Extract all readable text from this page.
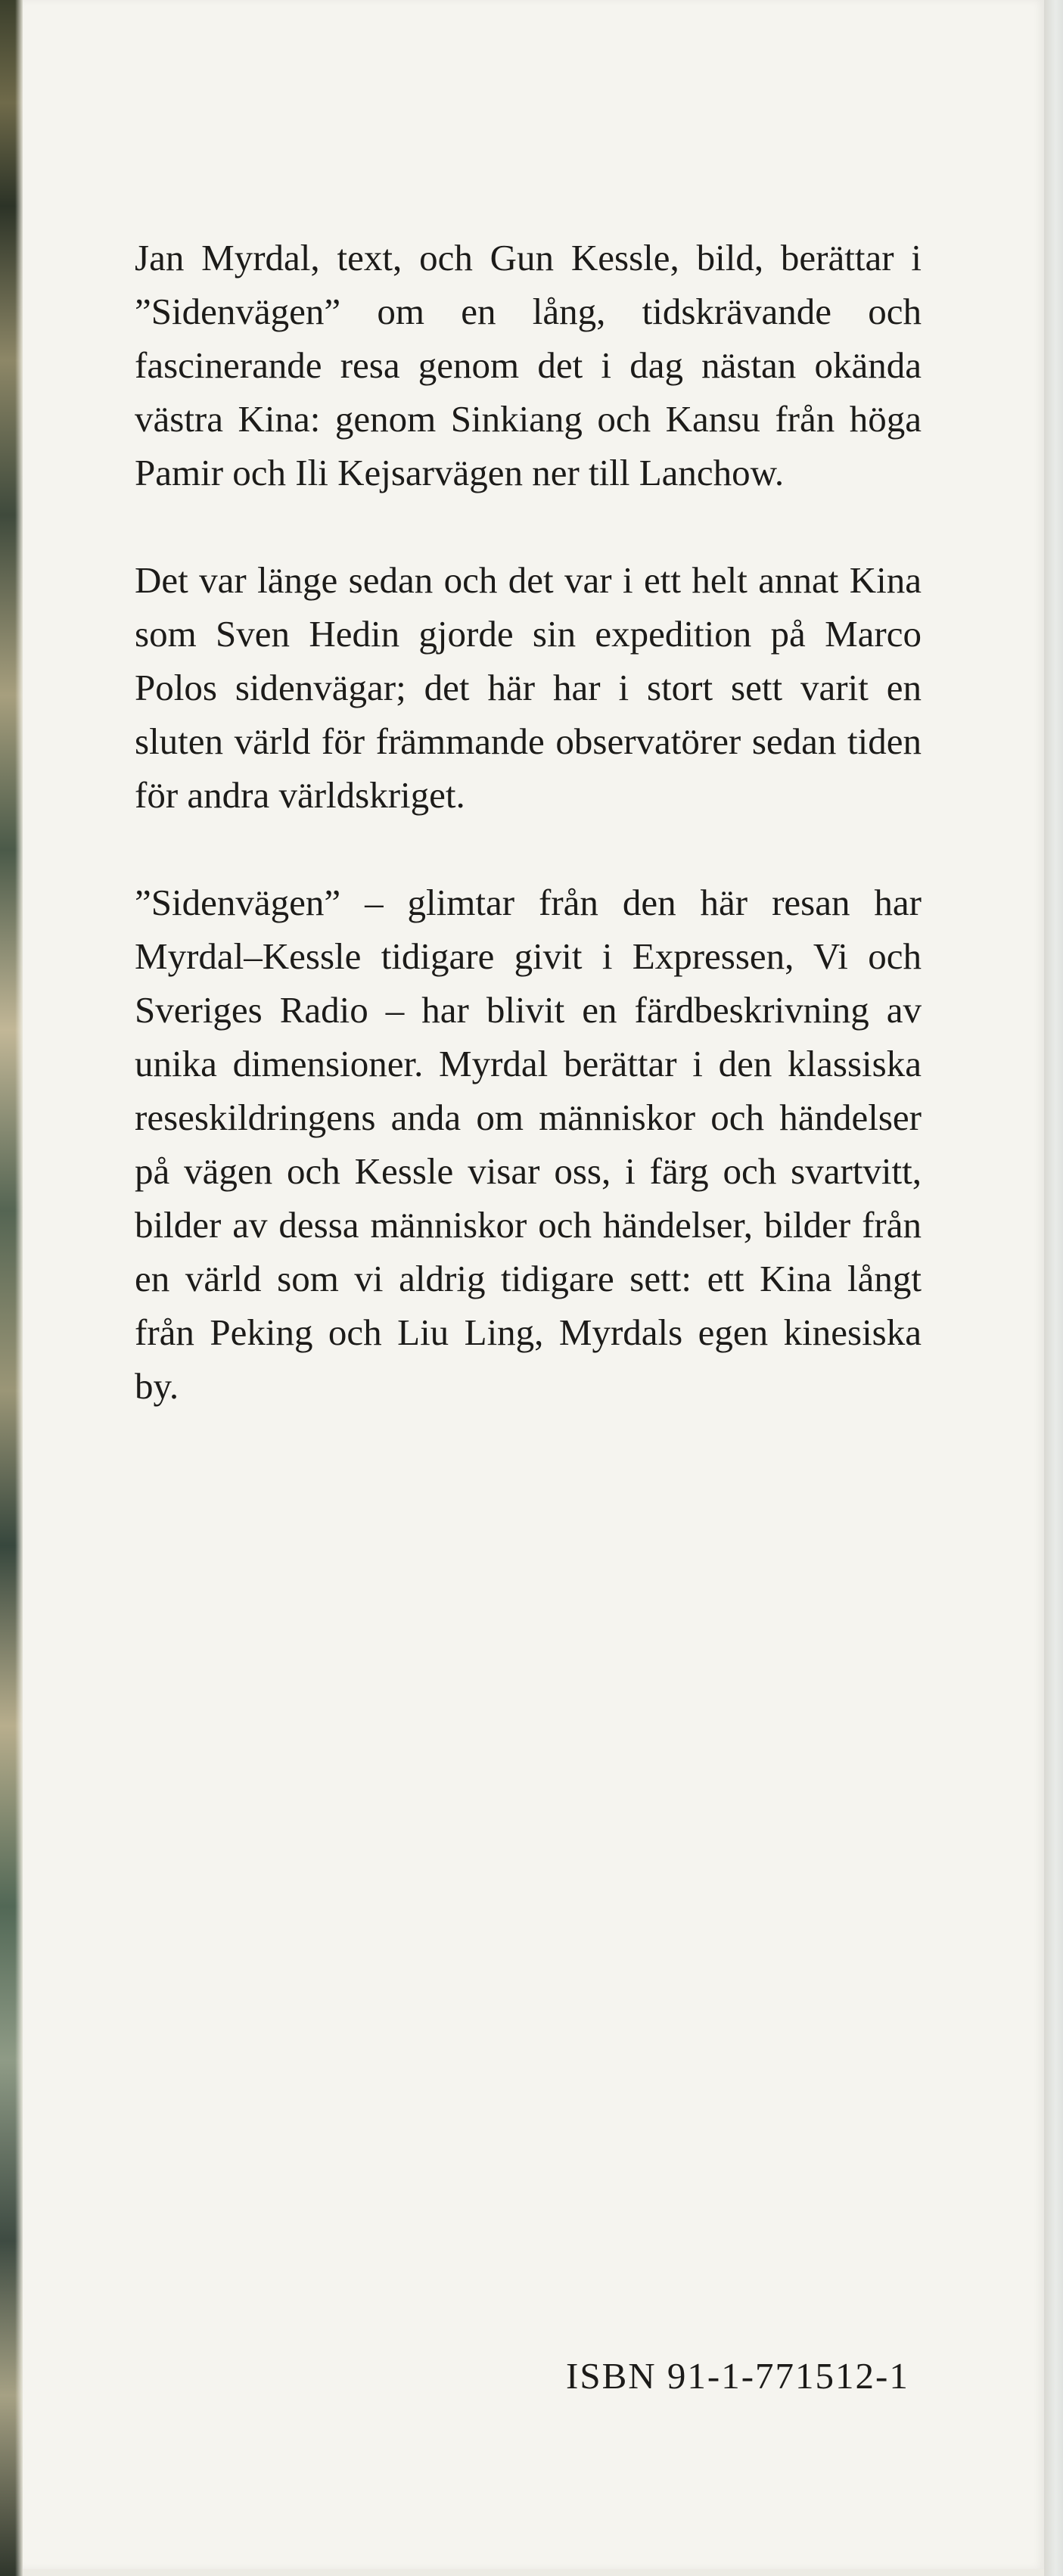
Jan Myrdal, text, och Gun Kessle, bild, berättar i ”Sidenvägen” om en lång, tidskrävande och fascinerande resa genom det i dag nästan okända västra Kina: genom Sinkiang och Kansu från höga Pamir och Ili Kejsarvägen ner till Lanchow.

Det var länge sedan och det var i ett helt annat Kina som Sven Hedin gjorde sin expedition på Marco Polos sidenvägar; det här har i stort sett varit en sluten värld för främmande observatörer sedan tiden för andra världskriget.

”Sidenvägen” – glimtar från den här resan har Myrdal–Kessle tidigare givit i Expressen, Vi och Sveriges Radio – har blivit en färdbeskrivning av unika dimensioner. Myrdal berättar i den klassiska reseskildringens anda om människor och händelser på vägen och Kessle visar oss, i färg och svartvitt, bilder av dessa människor och händelser, bilder från en värld som vi aldrig tidigare sett: ett Kina långt från Peking och Liu Ling, Myrdals egen kinesiska by.

ISBN 91-1-771512-1
